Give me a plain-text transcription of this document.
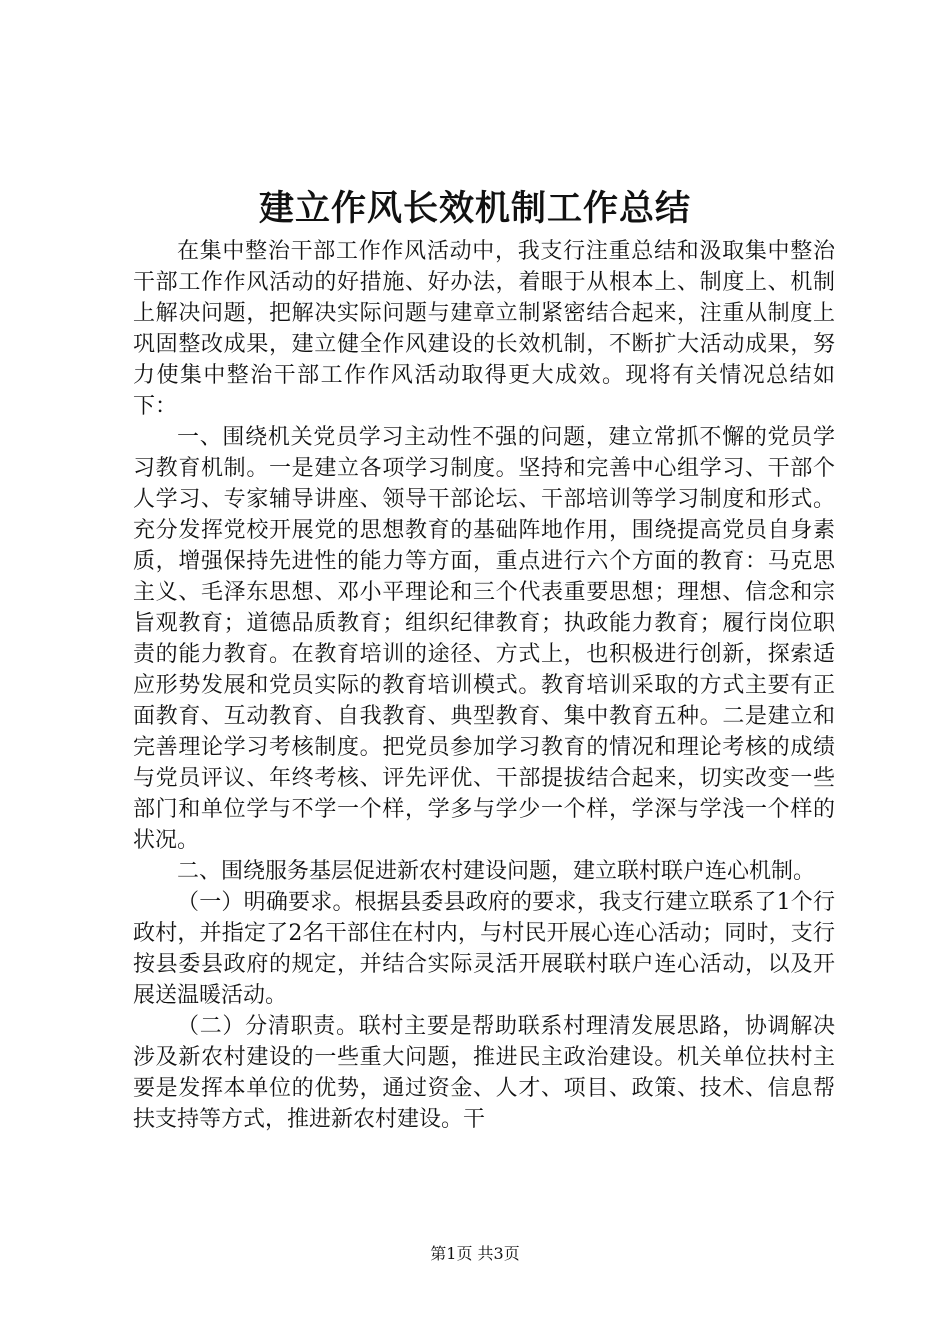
建立作风长效机制工作总结

在集中整治干部工作作风活动中，我支行注重总结和汲取集中整治干部工作作风活动的好措施、好办法，着眼于从根本上、制度上、机制上解决问题，把解决实际问题与建章立制紧密结合起来，注重从制度上巩固整改成果，建立健全作风建设的长效机制，不断扩大活动成果，努力使集中整治干部工作作风活动取得更大成效。现将有关情况总结如下：

一、围绕机关党员学习主动性不强的问题，建立常抓不懈的党员学习教育机制。一是建立各项学习制度。坚持和完善中心组学习、干部个人学习、专家辅导讲座、领导干部论坛、干部培训等学习制度和形式。充分发挥党校开展党的思想教育的基础阵地作用，围绕提高党员自身素质，增强保持先进性的能力等方面，重点进行六个方面的教育：马克思主义、毛泽东思想、邓小平理论和三个代表重要思想；理想、信念和宗旨观教育；道德品质教育；组织纪律教育；执政能力教育；履行岗位职责的能力教育。在教育培训的途径、方式上，也积极进行创新，探索适应形势发展和党员实际的教育培训模式。教育培训采取的方式主要有正面教育、互动教育、自我教育、典型教育、集中教育五种。二是建立和完善理论学习考核制度。把党员参加学习教育的情况和理论考核的成绩与党员评议、年终考核、评先评优、干部提拔结合起来，切实改变一些部门和单位学与不学一个样，学多与学少一个样，学深与学浅一个样的状况。

二、围绕服务基层促进新农村建设问题，建立联村联户连心机制。

（一）明确要求。根据县委县政府的要求，我支行建立联系了1个行政村，并指定了2名干部住在村内，与村民开展心连心活动；同时，支行按县委县政府的规定，并结合实际灵活开展联村联户连心活动，以及开展送温暖活动。

（二）分清职责。联村主要是帮助联系村理清发展思路，协调解决涉及新农村建设的一些重大问题，推进民主政治建设。机关单位扶村主要是发挥本单位的优势，通过资金、人才、项目、政策、技术、信息帮扶支持等方式，推进新农村建设。干

第1页 共3页
